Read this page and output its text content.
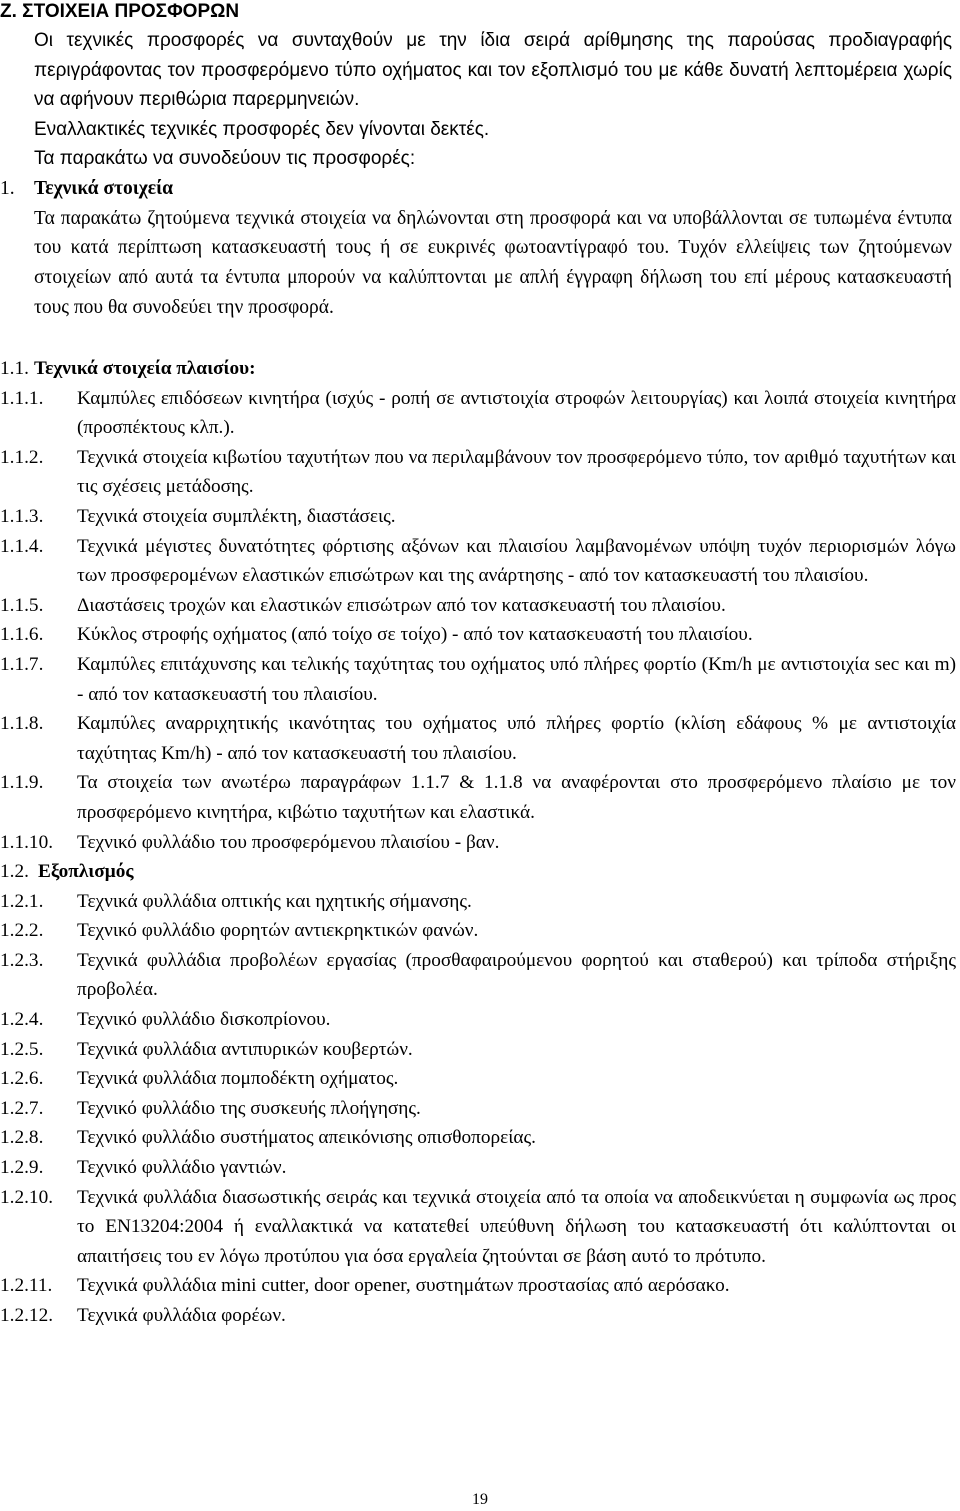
Ζ. ΣΤΟΙΧΕΙΑ ΠΡΟΣΦΟΡΩΝ

Οι τεχνικές προσφορές να συνταχθούν με την ίδια σειρά αρίθμησης της παρούσας προδιαγραφής περιγράφοντας τον προσφερόμενο τύπο οχήματος και τον εξοπλισμό του με κάθε δυνατή λεπτομέρεια χωρίς να αφήνουν περιθώρια παρερμηνειών.

Εναλλακτικές τεχνικές προσφορές δεν γίνονται δεκτές.

Τα παρακάτω να συνοδεύουν τις προσφορές:

1. Τεχνικά στοιχεία
Τα παρακάτω ζητούμενα τεχνικά στοιχεία να δηλώνονται στη προσφορά και να υποβάλλονται σε τυπωμένα έντυπα του κατά περίπτωση κατασκευαστή τους ή σε ευκρινές φωτοαντίγραφό του. Τυχόν ελλείψεις των ζητούμενων στοιχείων από αυτά τα έντυπα μπορούν να καλύπτονται με απλή έγγραφη δήλωση του επί μέρους κατασκευαστή τους που θα συνοδεύει την προσφορά.
1.1. Τεχνικά στοιχεία πλαισίου:
1.1.1. Καμπύλες επιδόσεων κινητήρα (ισχύς - ροπή σε αντιστοιχία στροφών λειτουργίας) και λοιπά στοιχεία κινητήρα (προσπέκτους κλπ.).
1.1.2. Τεχνικά στοιχεία κιβωτίου ταχυτήτων που να περιλαμβάνουν τον προσφερόμενο τύπο, τον αριθμό ταχυτήτων και τις σχέσεις μετάδοσης.
1.1.3. Τεχνικά στοιχεία συμπλέκτη, διαστάσεις.
1.1.4. Τεχνικά μέγιστες δυνατότητες φόρτισης αξόνων και πλαισίου λαμβανομένων υπόψη τυχόν περιορισμών λόγω των προσφερομένων ελαστικών επισώτρων και της ανάρτησης - από τον κατασκευαστή του πλαισίου.
1.1.5. Διαστάσεις τροχών και ελαστικών επισώτρων από τον κατασκευαστή του πλαισίου.
1.1.6. Κύκλος στροφής οχήματος (από τοίχο σε τοίχο) - από τον κατασκευαστή του πλαισίου.
1.1.7. Καμπύλες επιτάχυνσης και τελικής ταχύτητας του οχήματος υπό πλήρες φορτίο (Km/h με αντιστοιχία sec και m) - από τον κατασκευαστή του πλαισίου.
1.1.8. Καμπύλες αναρριχητικής ικανότητας του οχήματος υπό πλήρες φορτίο (κλίση εδάφους % με αντιστοιχία ταχύτητας Km/h) - από τον κατασκευαστή του πλαισίου.
1.1.9. Τα στοιχεία των ανωτέρω παραγράφων 1.1.7 & 1.1.8 να αναφέρονται στο προσφερόμενο πλαίσιο με τον προσφερόμενο κινητήρα, κιβώτιο ταχυτήτων και ελαστικά.
1.1.10. Τεχνικό φυλλάδιο του προσφερόμενου πλαισίου - βαν.
1.2. Εξοπλισμός
1.2.1. Τεχνικά φυλλάδια οπτικής και ηχητικής σήμανσης.
1.2.2. Τεχνικό φυλλάδιο φορητών αντιεκρηκτικών φανών.
1.2.3. Τεχνικά φυλλάδια προβολέων εργασίας (προσθαφαιρούμενου φορητού και σταθερού) και τρίποδα στήριξης προβολέα.
1.2.4. Τεχνικό φυλλάδιο δισκοπρίονου.
1.2.5. Τεχνικά φυλλάδια αντιπυρικών κουβερτών.
1.2.6. Τεχνικά φυλλάδια πομποδέκτη οχήματος.
1.2.7. Τεχνικό φυλλάδιο της συσκευής πλοήγησης.
1.2.8. Τεχνικό φυλλάδιο συστήματος απεικόνισης οπισθοπορείας.
1.2.9. Τεχνικό φυλλάδιο γαντιών.
1.2.10. Τεχνικά φυλλάδια διασωστικής σειράς και τεχνικά στοιχεία από τα οποία να αποδεικνύεται η συμφωνία ως προς το EN13204:2004 ή εναλλακτικά να κατατεθεί υπεύθυνη δήλωση του κατασκευαστή ότι καλύπτονται οι απαιτήσεις του εν λόγω προτύπου για όσα εργαλεία ζητούνται σε βάση αυτό το πρότυπο.
1.2.11. Τεχνικά φυλλάδια mini cutter, door opener, συστημάτων προστασίας από αερόσακο.
1.2.12. Τεχνικά φυλλάδια φορέων.
19
